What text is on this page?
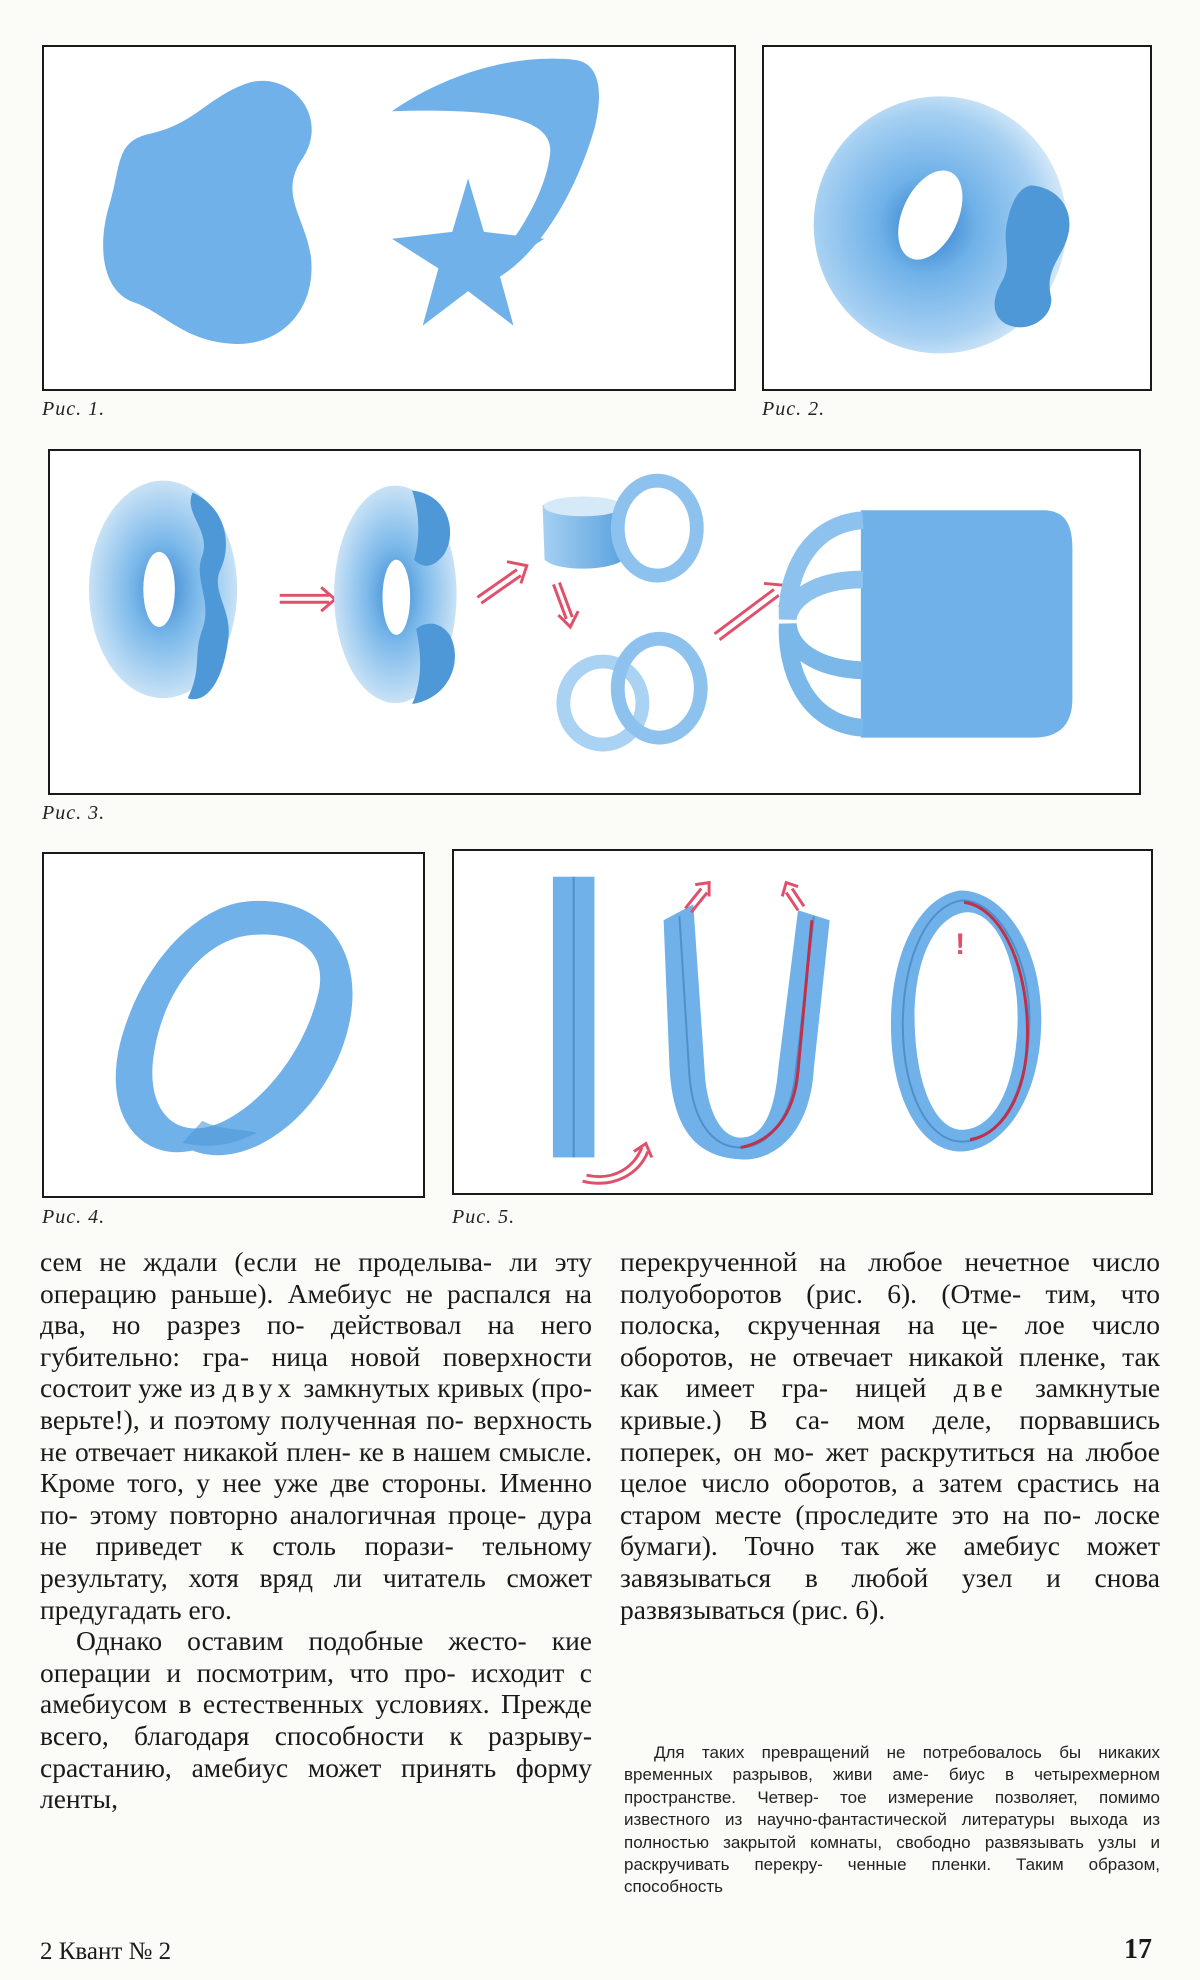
Рис. 1.	Рис. 2.
Рис. 3.
Рис. 4.
!
Рис. 5.

сем не ждали (если не проделыва- ли эту операцию раньше). Амебиус не распался на два, но разрез по- действовал на него губительно: гра- ница новой поверхности состоит уже из двух замкнутых кривых (про- верьте!), и поэтому полученная по- верхность не отвечает никакой плен- ке в нашем смысле. Кроме того, у нее уже две стороны. Именно по- этому повторно аналогичная проце- дура не приведет к столь порази- тельному результату, хотя вряд ли читатель сможет предугадать его.

Однако оставим подобные жесто- кие операции и посмотрим, что про- исходит с амебиусом в естественных условиях. Прежде всего, благодаря способности к разрыву-срастанию, амебиус может принять форму ленты,

перекрученной на любое нечетное число полуоборотов (рис. 6). (Отме- тим, что полоска, скрученная на це- лое число оборотов, не отвечает никакой пленке, так как имеет гра- ницей две замкнутые кривые.) В са- мом деле, порвавшись поперек, он мо- жет раскрутиться на любое целое число оборотов, а затем срастись на старом месте (проследите это на по- лоске бумаги). Точно так же амебиус может завязываться в любой узел и снова развязываться (рис. 6).

Для таких превращений не потребовалось бы никаких временных разрывов, живи аме- биус в четырехмерном пространстве. Четвер- тое измерение позволяет, помимо известного из научно-фантастической литературы выхода из полностью закрытой комнаты, свободно развязывать узлы и раскручивать перекру- ченные пленки. Таким образом, способность

2 Квант № 2	17
